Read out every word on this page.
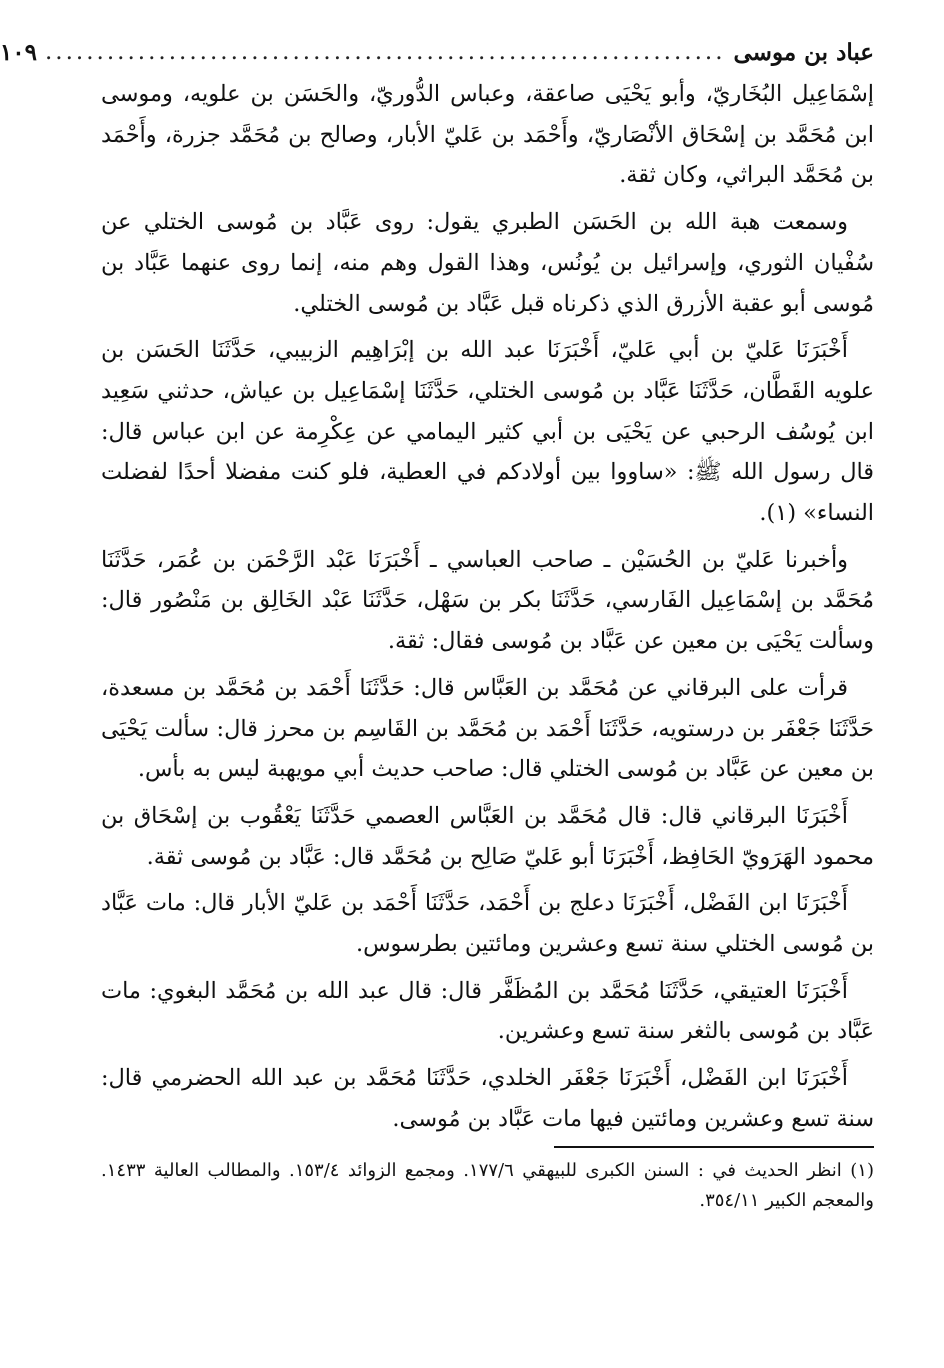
عباد بن موسى
..................................................................
١٠٩

إسْمَاعِيل البُخَاريّ، وأبو يَحْيَى صاعقة، وعباس الدُّوريّ، والحَسَن بن علويه، وموسى ابن مُحَمَّد بن إسْحَاق الأنْصَاريّ، وأَحْمَد بن عَليّ الأبار، وصالح بن مُحَمَّد جزرة، وأَحْمَد بن مُحَمَّد البراثي، وكان ثقة.

وسمعت هبة الله بن الحَسَن الطبري يقول: روى عَبَّاد بن مُوسى الختلي عن سُفْيان الثوري، وإسرائيل بن يُونُس، وهذا القول وهم منه، إنما روى عنهما عَبَّاد بن مُوسى أبو عقبة الأزرق الذي ذكرناه قبل عَبَّاد بن مُوسى الختلي.

أَخْبَرَنَا عَليّ بن أبي عَليّ، أَخْبَرَنَا عبد الله بن إبْرَاهِيم الزبيبي، حَدَّثَنَا الحَسَن بن علويه القَطَّان، حَدَّثَنَا عَبَّاد بن مُوسى الختلي، حَدَّثَنَا إسْمَاعِيل بن عياش، حدثني سَعِيد ابن يُوسُف الرحبي عن يَحْيَى بن أبي كثير اليمامي عن عِكْرِمة عن ابن عباس قال: قال رسول الله ﷺ: «ساووا بين أولادكم في العطية، فلو كنت مفضلا أحدًا لفضلت النساء» (١).

وأخبرنا عَليّ بن الحُسَيْن ـ صاحب العباسي ـ أَخْبَرَنَا عَبْد الرَّحْمَن بن عُمَر، حَدَّثَنَا مُحَمَّد بن إسْمَاعِيل الفَارسي، حَدَّثَنَا بكر بن سَهْل، حَدَّثَنَا عَبْد الخَالِق بن مَنْصُور قال: وسألت يَحْيَى بن معين عن عَبَّاد بن مُوسى فقال: ثقة.

قرأت على البرقاني عن مُحَمَّد بن العَبَّاس قال: حَدَّثَنَا أَحْمَد بن مُحَمَّد بن مسعدة، حَدَّثَنَا جَعْفَر بن درستويه، حَدَّثَنَا أَحْمَد بن مُحَمَّد بن القَاسِم بن محرز قال: سألت يَحْيَى بن معين عن عَبَّاد بن مُوسى الختلي قال: صاحب حديث أبي مويهبة ليس به بأس.

أَخْبَرَنَا البرقاني قال: قال مُحَمَّد بن العَبَّاس العصمي حَدَّثَنَا يَعْقُوب بن إسْحَاق بن محمود الهَرَويّ الحَافِظ، أَخْبَرَنَا أبو عَليّ صَالِح بن مُحَمَّد قال: عَبَّاد بن مُوسى ثقة.

أَخْبَرَنَا ابن الفَضْل، أَخْبَرَنَا دعلج بن أَحْمَد، حَدَّثَنَا أَحْمَد بن عَليّ الأبار قال: مات عَبَّاد بن مُوسى الختلي سنة تسع وعشرين ومائتين بطرسوس.

أَخْبَرَنَا العتيقي، حَدَّثَنَا مُحَمَّد بن المُظَفَّر قال: قال عبد الله بن مُحَمَّد البغوي: مات عَبَّاد بن مُوسى بالثغر سنة تسع وعشرين.

أَخْبَرَنَا ابن الفَضْل، أَخْبَرَنَا جَعْفَر الخلدي، حَدَّثَنَا مُحَمَّد بن عبد الله الحضرمي قال: سنة تسع وعشرين ومائتين فيها مات عَبَّاد بن مُوسى.

(١) انظر الحديث في : السنن الكبرى للبيهقي ١٧٧/٦. ومجمع الزوائد ١٥٣/٤. والمطالب العالية ١٤٣٣. والمعجم الكبير ٣٥٤/١١.
